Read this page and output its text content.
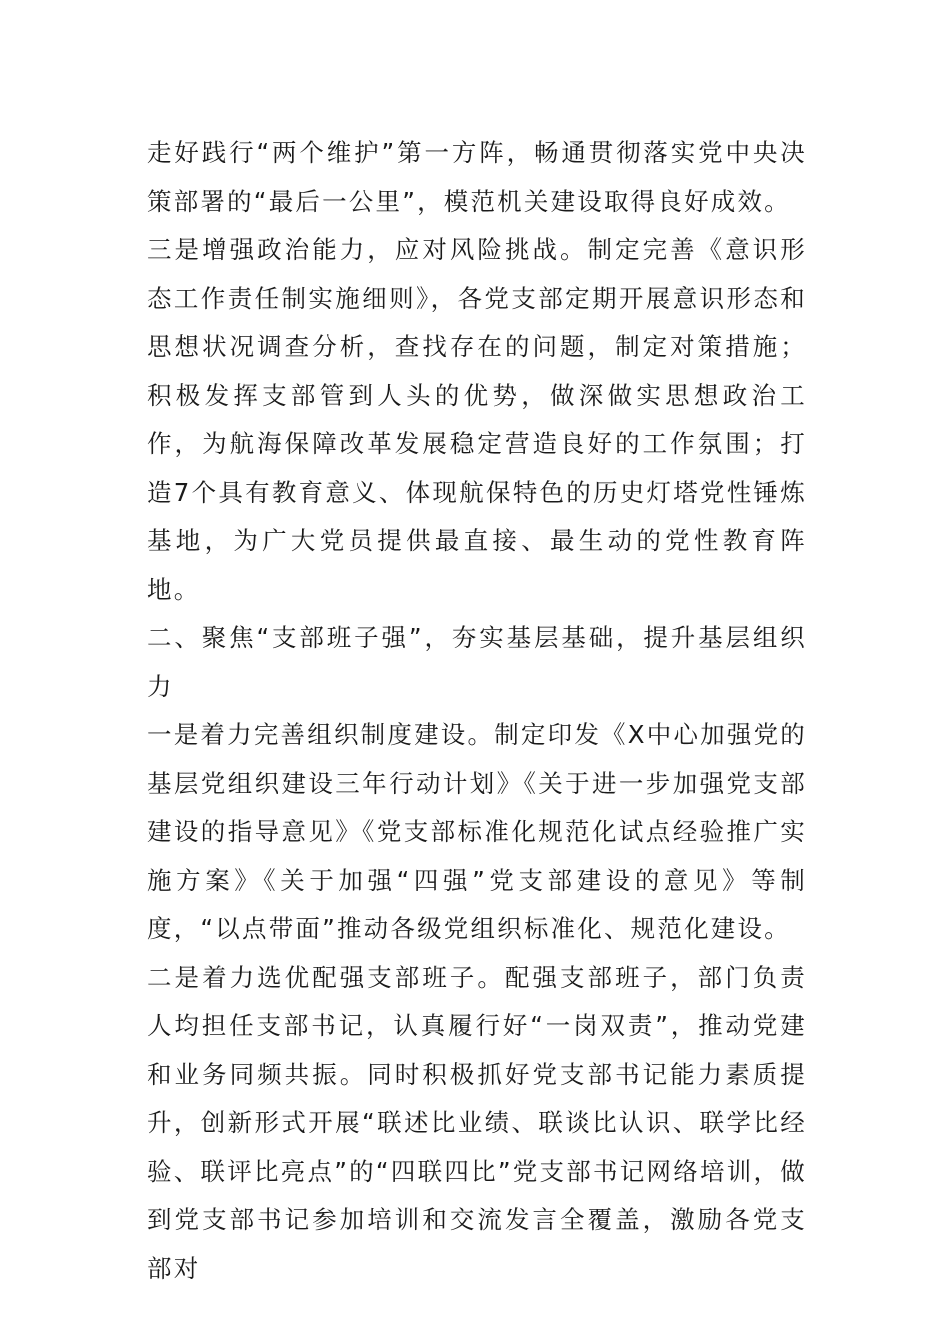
走好践行“两个维护”第一方阵，畅通贯彻落实党中央决策部署的“最后一公里”，模范机关建设取得良好成效。

三是增强政治能力，应对风险挑战。制定完善《意识形态工作责任制实施细则》，各党支部定期开展意识形态和思想状况调查分析，查找存在的问题，制定对策措施；积极发挥支部管到人头的优势，做深做实思想政治工作，为航海保障改革发展稳定营造良好的工作氛围；打造7个具有教育意义、体现航保特色的历史灯塔党性锤炼基地，为广大党员提供最直接、最生动的党性教育阵地。

二、聚焦“支部班子强”，夯实基层基础，提升基层组织力

一是着力完善组织制度建设。制定印发《X中心加强党的基层党组织建设三年行动计划》《关于进一步加强党支部建设的指导意见》《党支部标准化规范化试点经验推广实施方案》《关于加强“四强”党支部建设的意见》等制度，“以点带面”推动各级党组织标准化、规范化建设。

二是着力选优配强支部班子。配强支部班子，部门负责人均担任支部书记，认真履行好“一岗双责”，推动党建和业务同频共振。同时积极抓好党支部书记能力素质提升，创新形式开展“联述比业绩、联谈比认识、联学比经验、联评比亮点”的“四联四比”党支部书记网络培训，做到党支部书记参加培训和交流发言全覆盖，激励各党支部对
